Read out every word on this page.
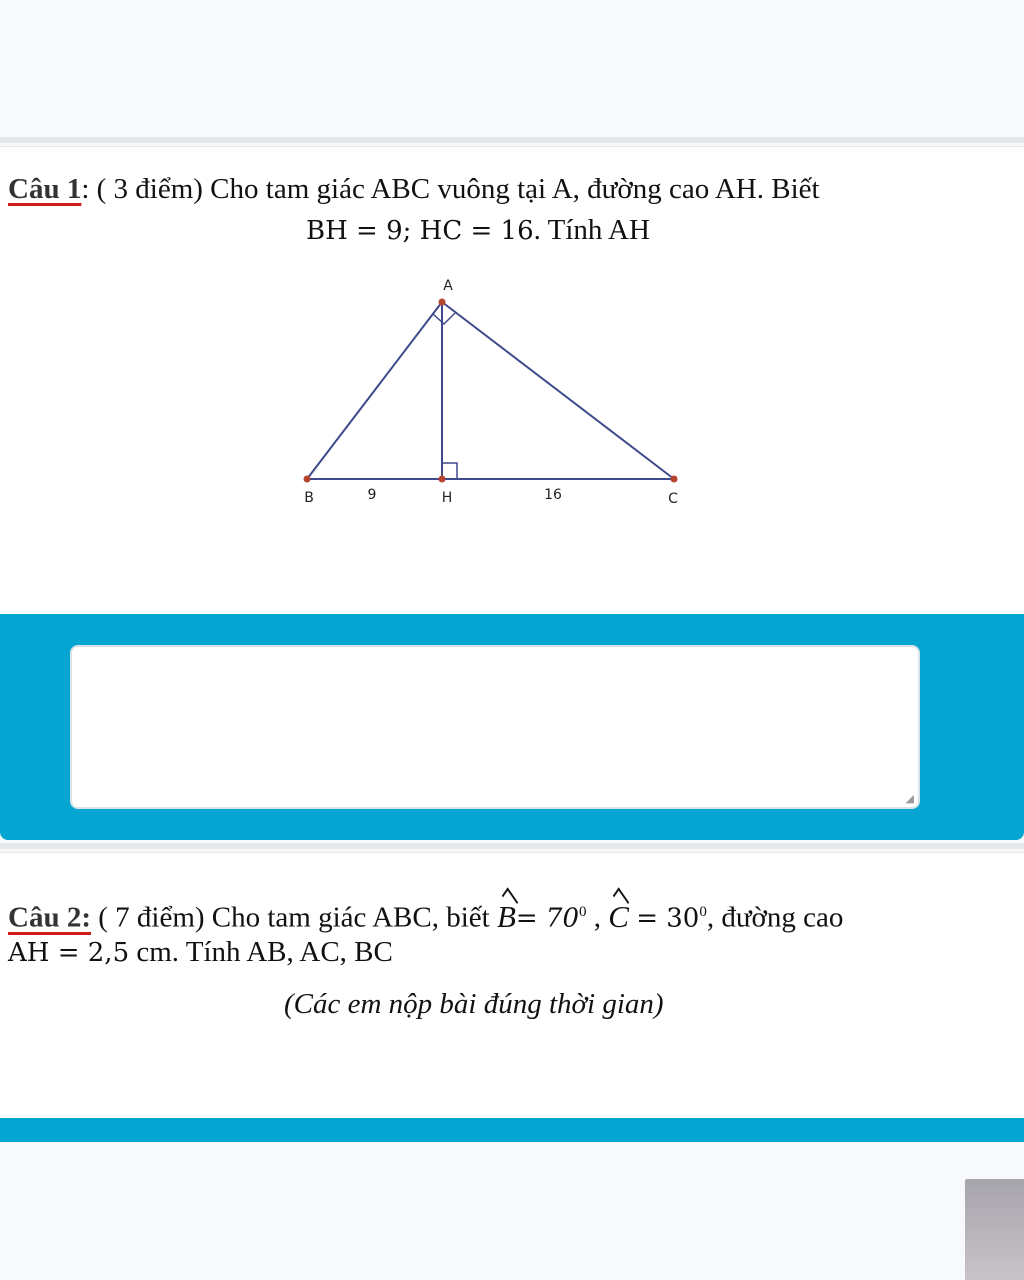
Câu 1: ( 3 điểm) Cho tam giác ABC vuông tại A, đường cao AH. Biết
BH = 9; HC = 16. Tính AH
A
B	H	C
9	16
◢
Câu 2: ( 7 điểm) Cho tam giác ABC, biết $B= 70^0$ , $C = 30^0$, đường cao
AH = 2,5 cm. Tính AB, AC, BC
(Các em nộp bài đúng thời gian)
